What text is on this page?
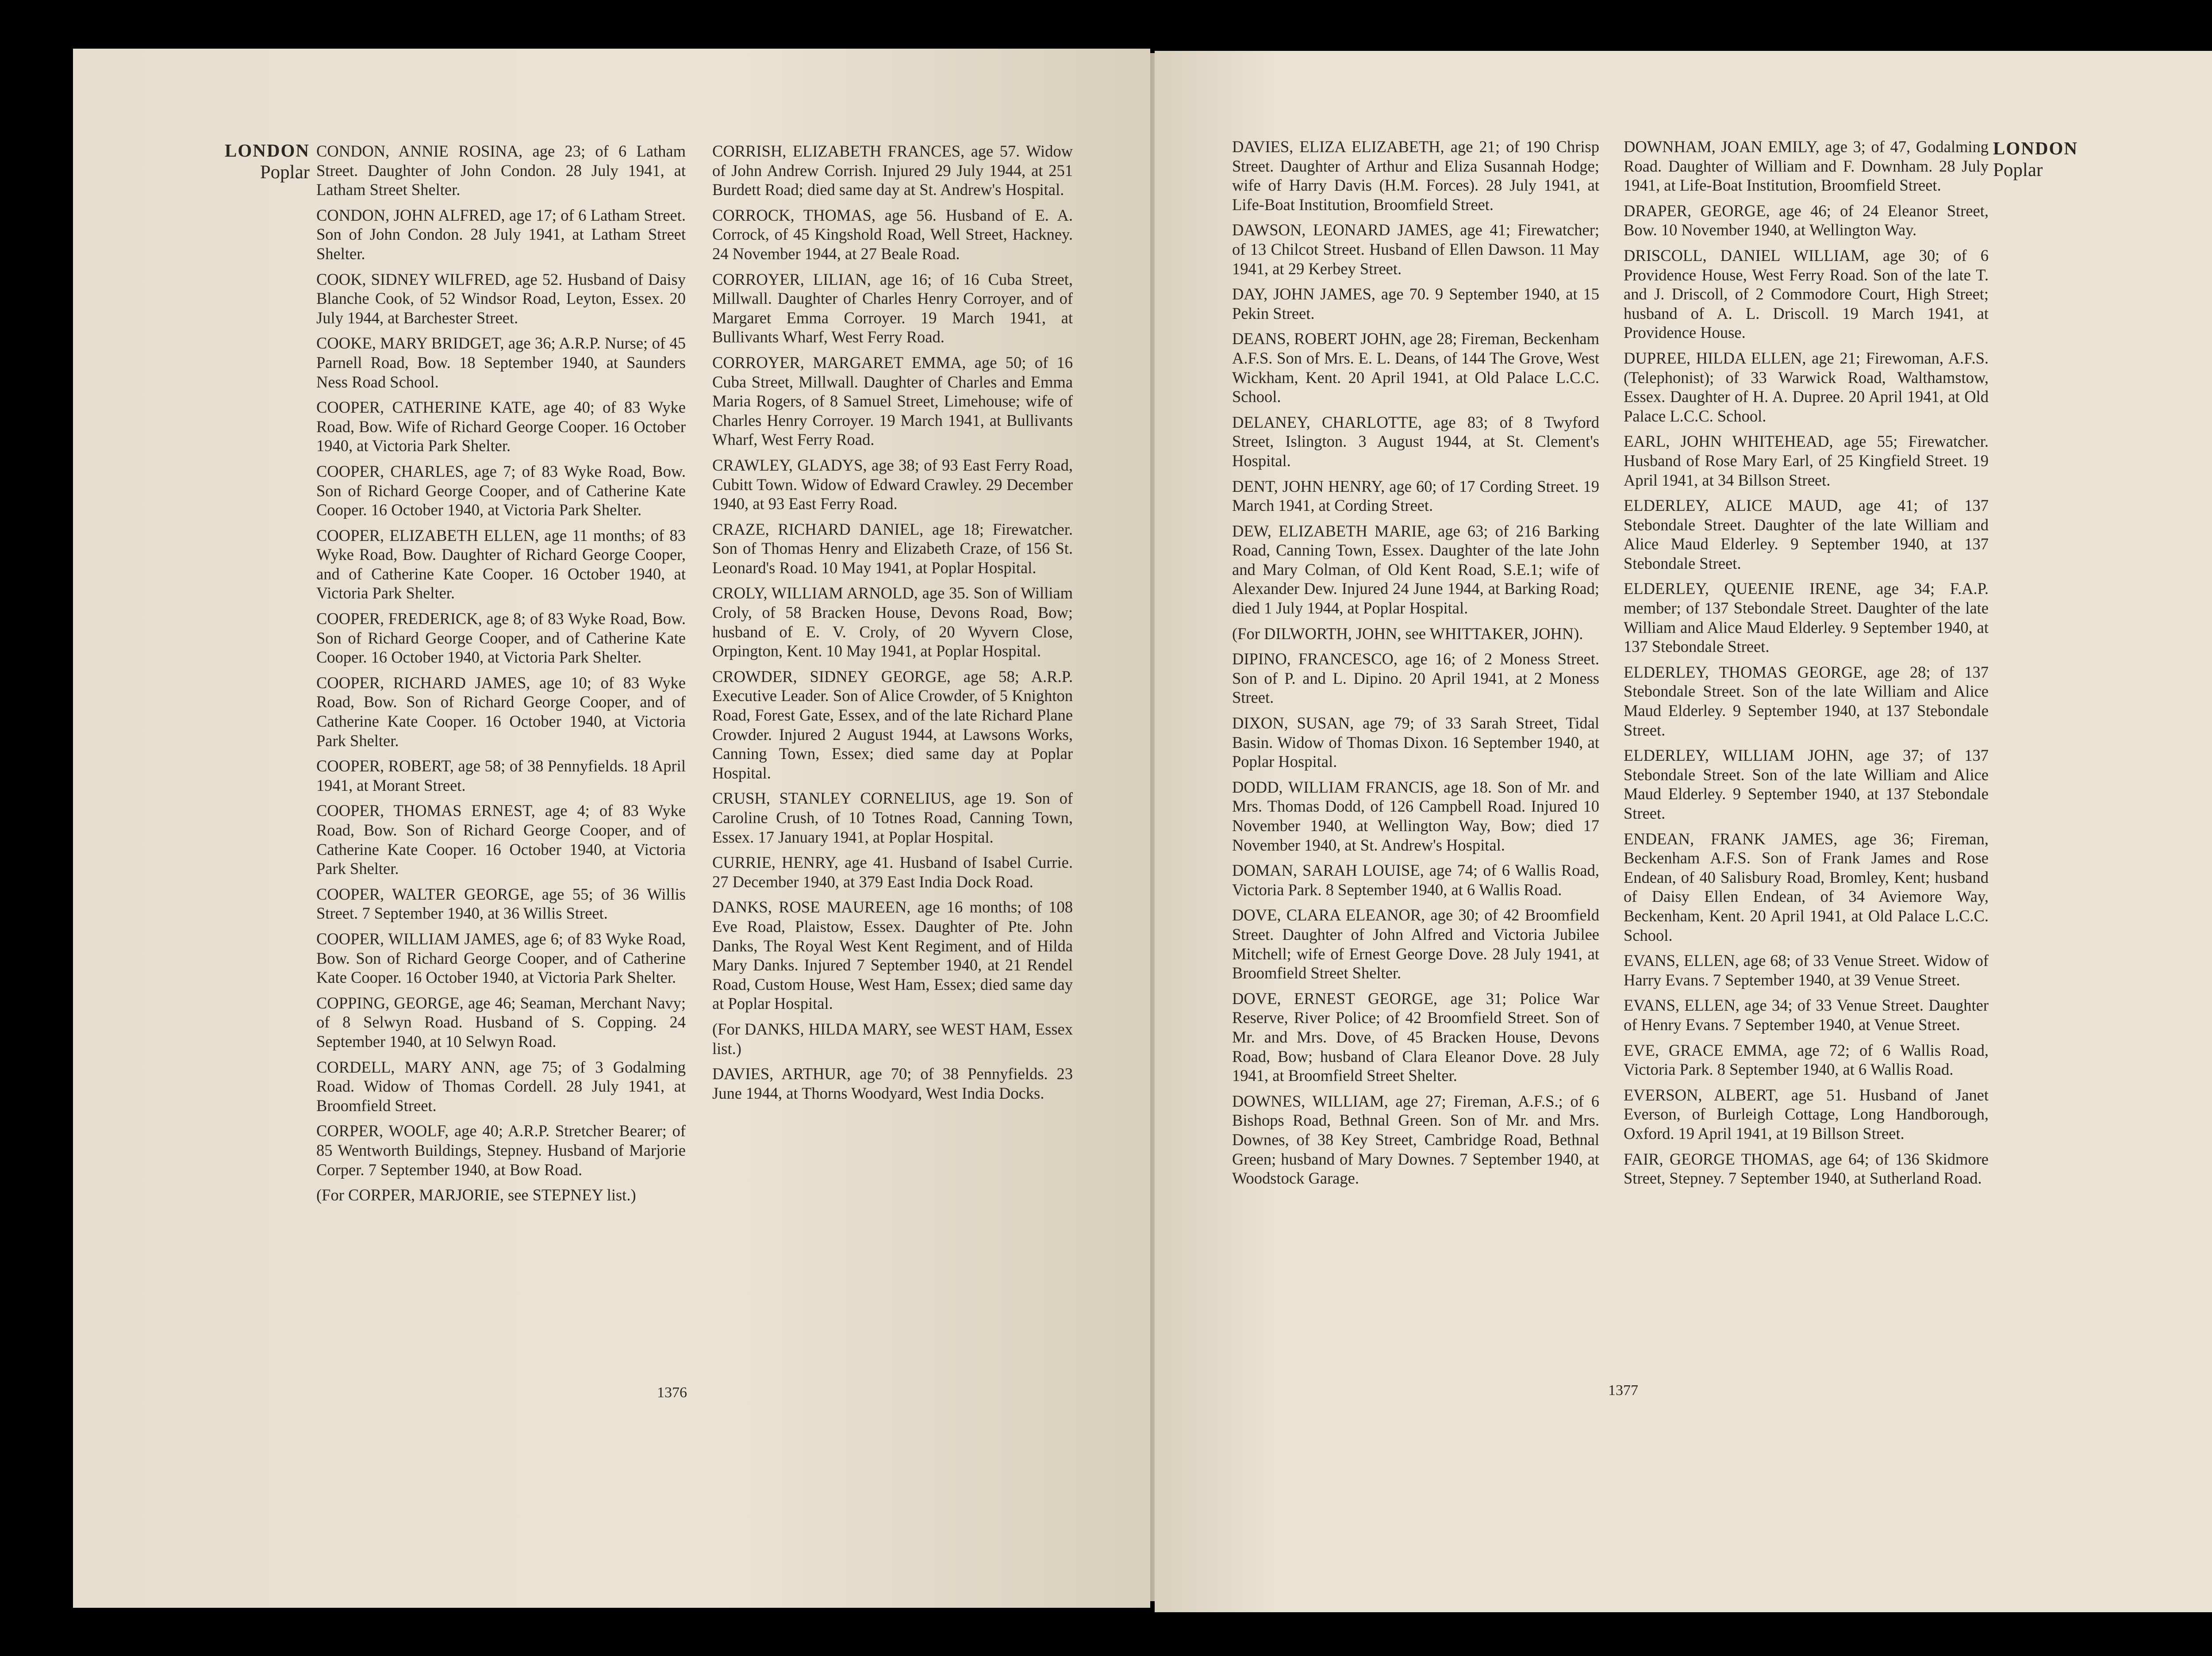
LONDON
Poplar
CONDON, ANNIE ROSINA, age 23; of 6 Latham Street. Daughter of John Condon. 28 July 1941, at Latham Street Shelter.
CONDON, JOHN ALFRED, age 17; of 6 Latham Street. Son of John Condon. 28 July 1941, at Latham Street Shelter.
COOK, SIDNEY WILFRED, age 52. Husband of Daisy Blanche Cook, of 52 Windsor Road, Leyton, Essex. 20 July 1944, at Barchester Street.
COOKE, MARY BRIDGET, age 36; A.R.P. Nurse; of 45 Parnell Road, Bow. 18 September 1940, at Saunders Ness Road School.
COOPER, CATHERINE KATE, age 40; of 83 Wyke Road, Bow. Wife of Richard George Cooper. 16 October 1940, at Victoria Park Shelter.
COOPER, CHARLES, age 7; of 83 Wyke Road, Bow. Son of Richard George Cooper, and of Catherine Kate Cooper. 16 October 1940, at Victoria Park Shelter.
COOPER, ELIZABETH ELLEN, age 11 months; of 83 Wyke Road, Bow. Daughter of Richard George Cooper, and of Catherine Kate Cooper. 16 October 1940, at Victoria Park Shelter.
COOPER, FREDERICK, age 8; of 83 Wyke Road, Bow. Son of Richard George Cooper, and of Catherine Kate Cooper. 16 October 1940, at Victoria Park Shelter.
COOPER, RICHARD JAMES, age 10; of 83 Wyke Road, Bow. Son of Richard George Cooper, and of Catherine Kate Cooper. 16 October 1940, at Victoria Park Shelter.
COOPER, ROBERT, age 58; of 38 Pennyfields. 18 April 1941, at Morant Street.
COOPER, THOMAS ERNEST, age 4; of 83 Wyke Road, Bow. Son of Richard George Cooper, and of Catherine Kate Cooper. 16 October 1940, at Victoria Park Shelter.
COOPER, WALTER GEORGE, age 55; of 36 Willis Street. 7 September 1940, at 36 Willis Street.
COOPER, WILLIAM JAMES, age 6; of 83 Wyke Road, Bow. Son of Richard George Cooper, and of Catherine Kate Cooper. 16 October 1940, at Victoria Park Shelter.
COPPING, GEORGE, age 46; Seaman, Merchant Navy; of 8 Selwyn Road. Husband of S. Copping. 24 September 1940, at 10 Selwyn Road.
CORDELL, MARY ANN, age 75; of 3 Godalming Road. Widow of Thomas Cordell. 28 July 1941, at Broomfield Street.
CORPER, WOOLF, age 40; A.R.P. Stretcher Bearer; of 85 Wentworth Buildings, Stepney. Husband of Marjorie Corper. 7 September 1940, at Bow Road.
(For CORPER, MARJORIE, see STEPNEY list.)
CORRISH, ELIZABETH FRANCES, age 57. Widow of John Andrew Corrish. Injured 29 July 1944, at 251 Burdett Road; died same day at St. Andrew's Hospital.
CORROCK, THOMAS, age 56. Husband of E. A. Corrock, of 45 Kingshold Road, Well Street, Hackney. 24 November 1944, at 27 Beale Road.
CORROYER, LILIAN, age 16; of 16 Cuba Street, Millwall. Daughter of Charles Henry Corroyer, and of Margaret Emma Corroyer. 19 March 1941, at Bullivants Wharf, West Ferry Road.
CORROYER, MARGARET EMMA, age 50; of 16 Cuba Street, Millwall. Daughter of Charles and Emma Maria Rogers, of 8 Samuel Street, Limehouse; wife of Charles Henry Corroyer. 19 March 1941, at Bullivants Wharf, West Ferry Road.
CRAWLEY, GLADYS, age 38; of 93 East Ferry Road, Cubitt Town. Widow of Edward Crawley. 29 December 1940, at 93 East Ferry Road.
CRAZE, RICHARD DANIEL, age 18; Firewatcher. Son of Thomas Henry and Elizabeth Craze, of 156 St. Leonard's Road. 10 May 1941, at Poplar Hospital.
CROLY, WILLIAM ARNOLD, age 35. Son of William Croly, of 58 Bracken House, Devons Road, Bow; husband of E. V. Croly, of 20 Wyvern Close, Orpington, Kent. 10 May 1941, at Poplar Hospital.
CROWDER, SIDNEY GEORGE, age 58; A.R.P. Executive Leader. Son of Alice Crowder, of 5 Knighton Road, Forest Gate, Essex, and of the late Richard Plane Crowder. Injured 2 August 1944, at Lawsons Works, Canning Town, Essex; died same day at Poplar Hospital.
CRUSH, STANLEY CORNELIUS, age 19. Son of Caroline Crush, of 10 Totnes Road, Canning Town, Essex. 17 January 1941, at Poplar Hospital.
CURRIE, HENRY, age 41. Husband of Isabel Currie. 27 December 1940, at 379 East India Dock Road.
DANKS, ROSE MAUREEN, age 16 months; of 108 Eve Road, Plaistow, Essex. Daughter of Pte. John Danks, The Royal West Kent Regiment, and of Hilda Mary Danks. Injured 7 September 1940, at 21 Rendel Road, Custom House, West Ham, Essex; died same day at Poplar Hospital.
(For DANKS, HILDA MARY, see WEST HAM, Essex list.)
DAVIES, ARTHUR, age 70; of 38 Pennyfields. 23 June 1944, at Thorns Woodyard, West India Docks.
1376
DAVIES, ELIZA ELIZABETH, age 21; of 190 Chrisp Street. Daughter of Arthur and Eliza Susannah Hodge; wife of Harry Davis (H.M. Forces). 28 July 1941, at Life-Boat Institution, Broomfield Street.
DAWSON, LEONARD JAMES, age 41; Firewatcher; of 13 Chilcot Street. Husband of Ellen Dawson. 11 May 1941, at 29 Kerbey Street.
DAY, JOHN JAMES, age 70. 9 September 1940, at 15 Pekin Street.
DEANS, ROBERT JOHN, age 28; Fireman, Beckenham A.F.S. Son of Mrs. E. L. Deans, of 144 The Grove, West Wickham, Kent. 20 April 1941, at Old Palace L.C.C. School.
DELANEY, CHARLOTTE, age 83; of 8 Twyford Street, Islington. 3 August 1944, at St. Clement's Hospital.
DENT, JOHN HENRY, age 60; of 17 Cording Street. 19 March 1941, at Cording Street.
DEW, ELIZABETH MARIE, age 63; of 216 Barking Road, Canning Town, Essex. Daughter of the late John and Mary Colman, of Old Kent Road, S.E.1; wife of Alexander Dew. Injured 24 June 1944, at Barking Road; died 1 July 1944, at Poplar Hospital.
(For DILWORTH, JOHN, see WHITTAKER, JOHN).
DIPINO, FRANCESCO, age 16; of 2 Moness Street. Son of P. and L. Dipino. 20 April 1941, at 2 Moness Street.
DIXON, SUSAN, age 79; of 33 Sarah Street, Tidal Basin. Widow of Thomas Dixon. 16 September 1940, at Poplar Hospital.
DODD, WILLIAM FRANCIS, age 18. Son of Mr. and Mrs. Thomas Dodd, of 126 Campbell Road. Injured 10 November 1940, at Wellington Way, Bow; died 17 November 1940, at St. Andrew's Hospital.
DOMAN, SARAH LOUISE, age 74; of 6 Wallis Road, Victoria Park. 8 September 1940, at 6 Wallis Road.
DOVE, CLARA ELEANOR, age 30; of 42 Broomfield Street. Daughter of John Alfred and Victoria Jubilee Mitchell; wife of Ernest George Dove. 28 July 1941, at Broomfield Street Shelter.
DOVE, ERNEST GEORGE, age 31; Police War Reserve, River Police; of 42 Broomfield Street. Son of Mr. and Mrs. Dove, of 45 Bracken House, Devons Road, Bow; husband of Clara Eleanor Dove. 28 July 1941, at Broomfield Street Shelter.
DOWNES, WILLIAM, age 27; Fireman, A.F.S.; of 6 Bishops Road, Bethnal Green. Son of Mr. and Mrs. Downes, of 38 Key Street, Cambridge Road, Bethnal Green; husband of Mary Downes. 7 September 1940, at Woodstock Garage.
DOWNHAM, JOAN EMILY, age 3; of 47, Godalming Road. Daughter of William and F. Downham. 28 July 1941, at Life-Boat Institution, Broomfield Street.
DRAPER, GEORGE, age 46; of 24 Eleanor Street, Bow. 10 November 1940, at Wellington Way.
DRISCOLL, DANIEL WILLIAM, age 30; of 6 Providence House, West Ferry Road. Son of the late T. and J. Driscoll, of 2 Commodore Court, High Street; husband of A. L. Driscoll. 19 March 1941, at Providence House.
DUPREE, HILDA ELLEN, age 21; Firewoman, A.F.S. (Telephonist); of 33 Warwick Road, Walthamstow, Essex. Daughter of H. A. Dupree. 20 April 1941, at Old Palace L.C.C. School.
EARL, JOHN WHITEHEAD, age 55; Firewatcher. Husband of Rose Mary Earl, of 25 Kingfield Street. 19 April 1941, at 34 Billson Street.
ELDERLEY, ALICE MAUD, age 41; of 137 Stebondale Street. Daughter of the late William and Alice Maud Elderley. 9 September 1940, at 137 Stebondale Street.
ELDERLEY, QUEENIE IRENE, age 34; F.A.P. member; of 137 Stebondale Street. Daughter of the late William and Alice Maud Elderley. 9 September 1940, at 137 Stebondale Street.
ELDERLEY, THOMAS GEORGE, age 28; of 137 Stebondale Street. Son of the late William and Alice Maud Elderley. 9 September 1940, at 137 Stebondale Street.
ELDERLEY, WILLIAM JOHN, age 37; of 137 Stebondale Street. Son of the late William and Alice Maud Elderley. 9 September 1940, at 137 Stebondale Street.
ENDEAN, FRANK JAMES, age 36; Fireman, Beckenham A.F.S. Son of Frank James and Rose Endean, of 40 Salisbury Road, Bromley, Kent; husband of Daisy Ellen Endean, of 34 Aviemore Way, Beckenham, Kent. 20 April 1941, at Old Palace L.C.C. School.
EVANS, ELLEN, age 68; of 33 Venue Street. Widow of Harry Evans. 7 September 1940, at 39 Venue Street.
EVANS, ELLEN, age 34; of 33 Venue Street. Daughter of Henry Evans. 7 September 1940, at Venue Street.
EVE, GRACE EMMA, age 72; of 6 Wallis Road, Victoria Park. 8 September 1940, at 6 Wallis Road.
EVERSON, ALBERT, age 51. Husband of Janet Everson, of Burleigh Cottage, Long Handborough, Oxford. 19 April 1941, at 19 Billson Street.
FAIR, GEORGE THOMAS, age 64; of 136 Skidmore Street, Stepney. 7 September 1940, at Sutherland Road.
LONDON
Poplar
1377
